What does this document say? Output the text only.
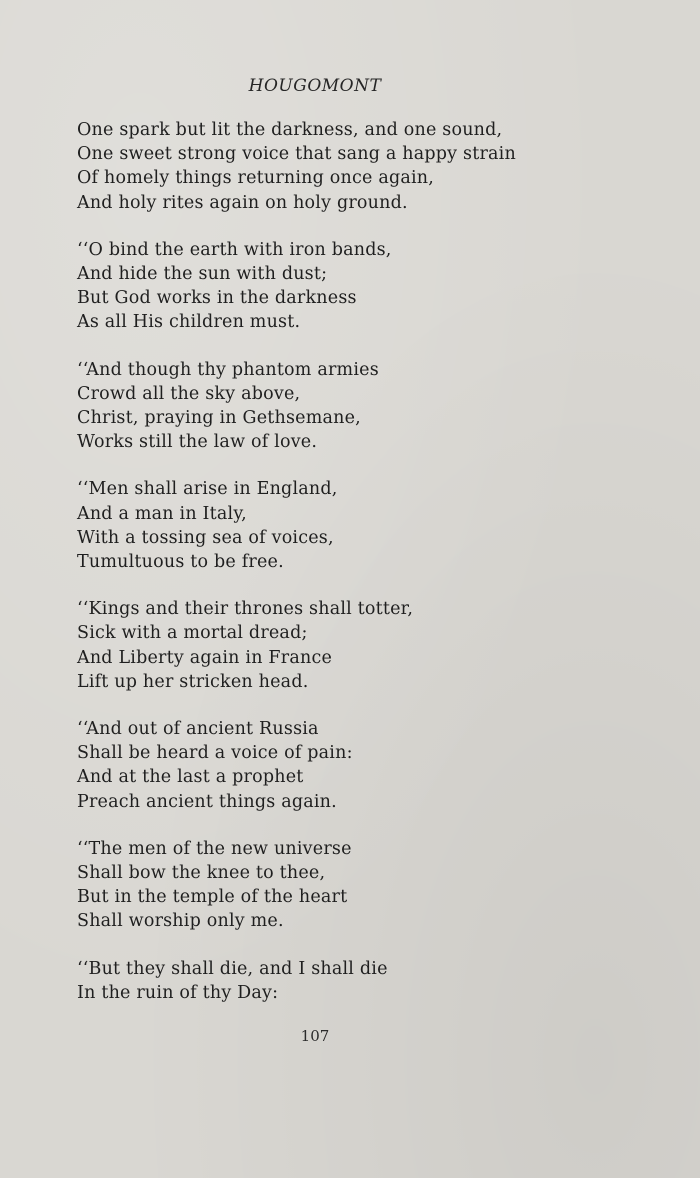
HOUGOMONT
One spark but lit the darkness, and one sound,
One sweet strong voice that sang a happy strain
Of homely things returning once again,
And holy rites again on holy ground.
‘‘O bind the earth with iron bands,
And hide the sun with dust;
But God works in the darkness
As all His children must.
‘‘And though thy phantom armies
Crowd all the sky above,
Christ, praying in Gethsemane,
Works still the law of love.
‘‘Men shall arise in England,
And a man in Italy,
With a tossing sea of voices,
Tumultuous to be free.
‘‘Kings and their thrones shall totter,
Sick with a mortal dread;
And Liberty again in France
Lift up her stricken head.
‘‘And out of ancient Russia
Shall be heard a voice of pain:
And at the last a prophet
Preach ancient things again.
‘‘The men of the new universe
Shall bow the knee to thee,
But in the temple of the heart
Shall worship only me.
‘‘But they shall die, and I shall die
In the ruin of thy Day:
107
